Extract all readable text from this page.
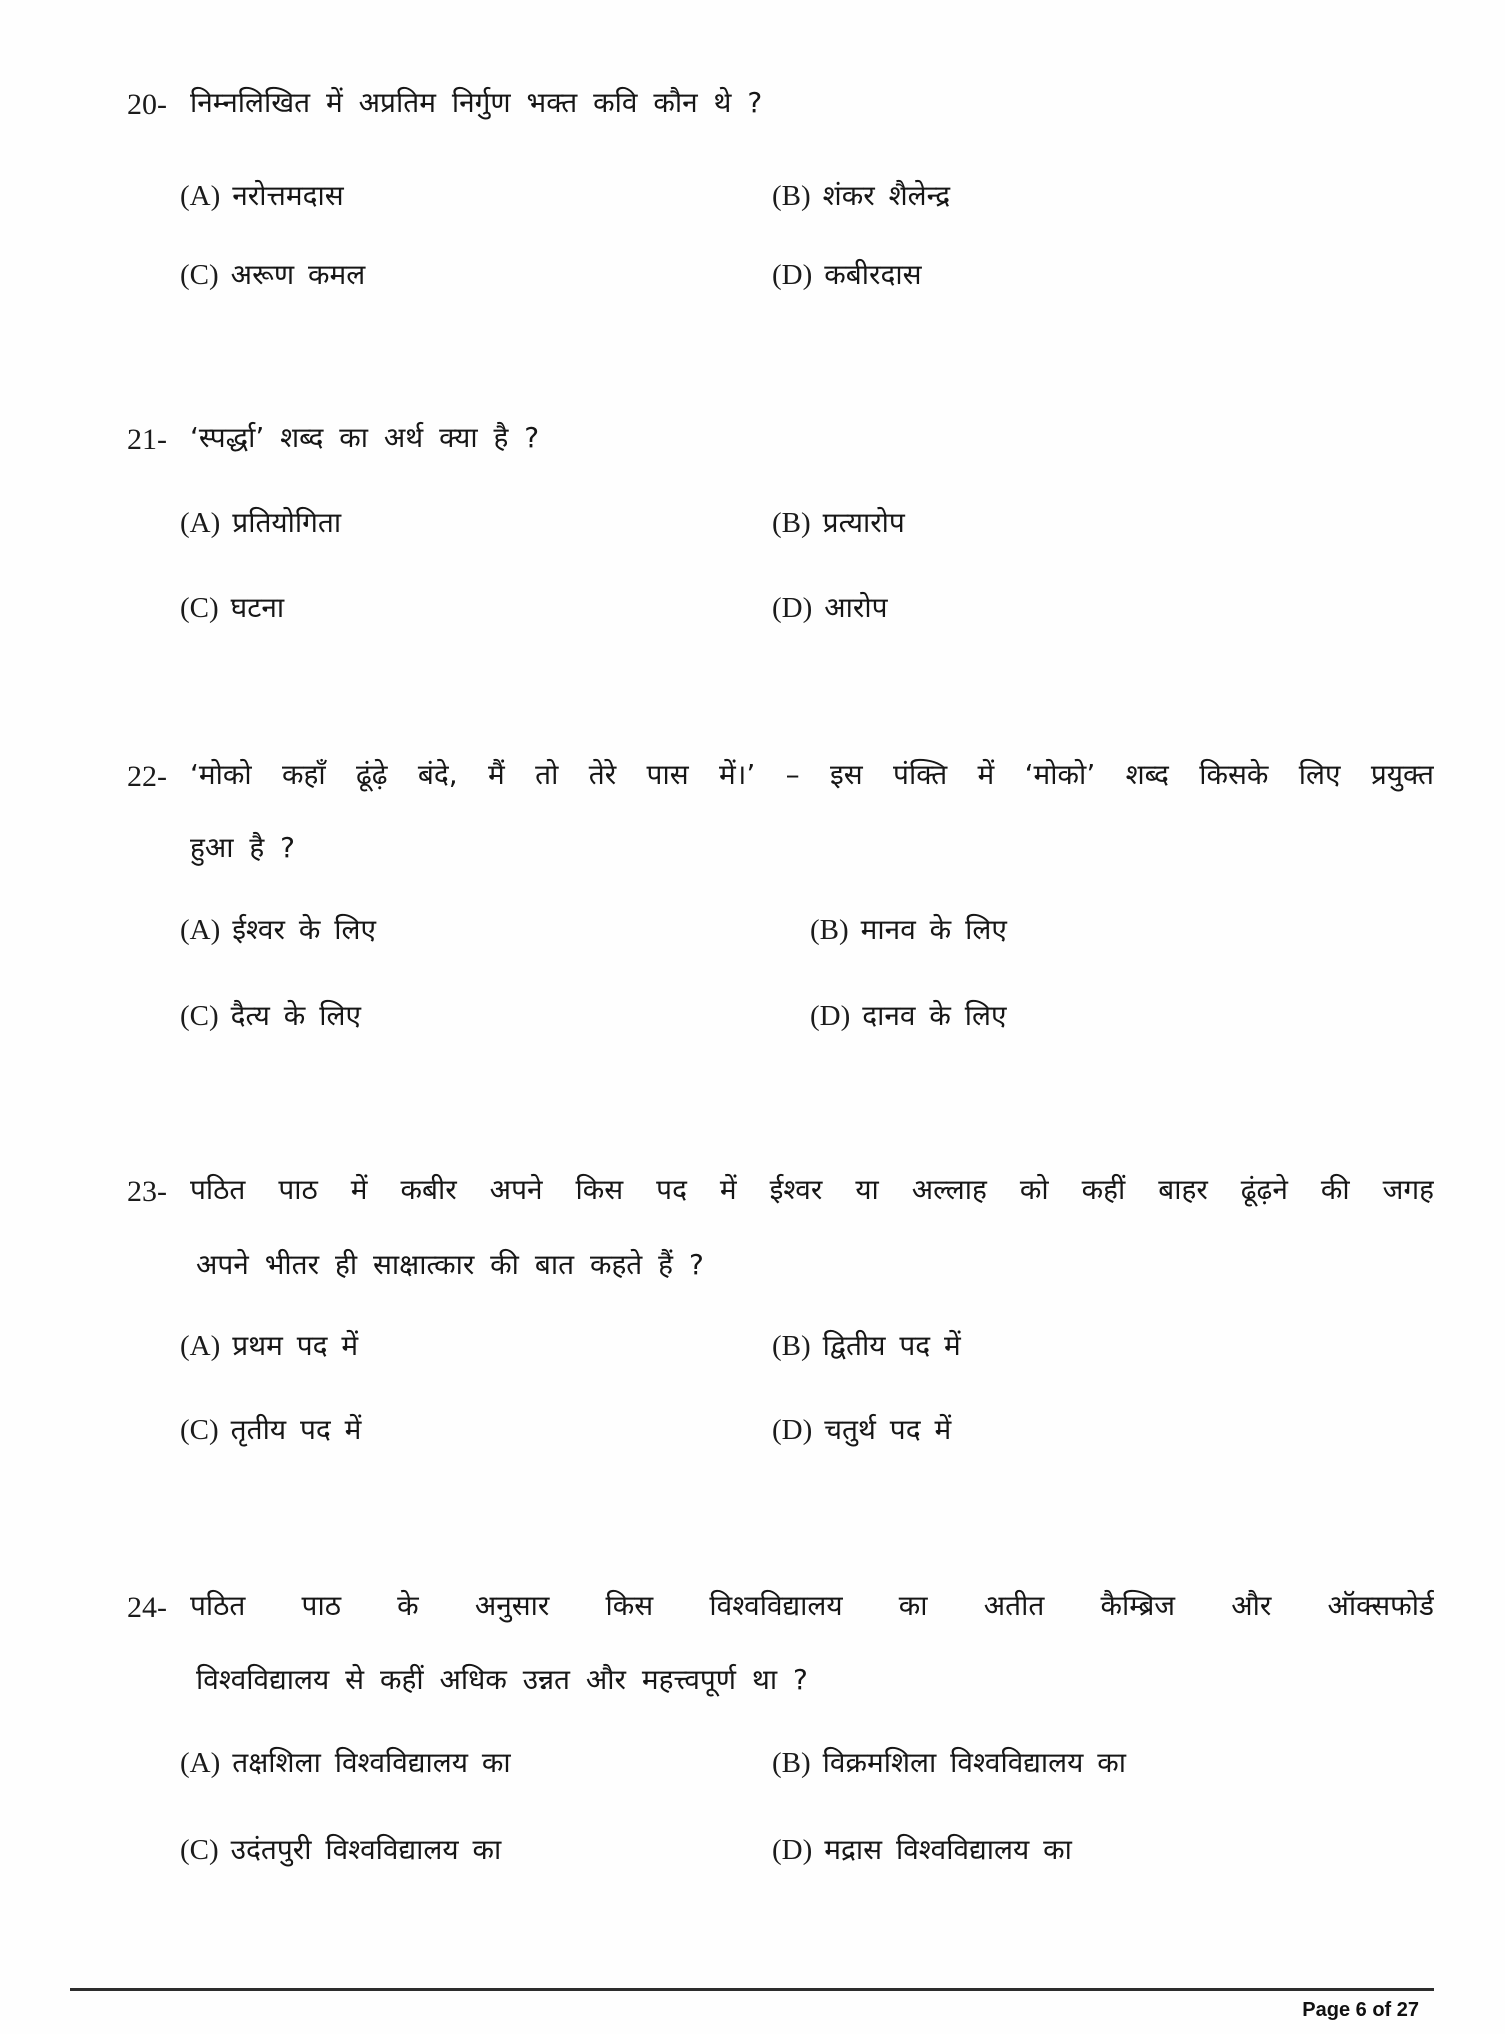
20- निम्नलिखित में अप्रतिम निर्गुण भक्त कवि कौन थे ?
(A) नरोत्तमदास	(B) शंकर शैलेन्द्र
(C) अरूण कमल	(D) कबीरदास
21- ‘स्पर्द्धा’ शब्द का अर्थ क्या है ?
(A) प्रतियोगिता	(B) प्रत्यारोप
(C) घटना	(D) आरोप
22- ‘मोको कहाँ ढूंढ़े बंदे, मैं तो तेरे पास में।’ – इस पंक्ति में ‘मोको’ शब्द किसके लिए प्रयुक्त
हुआ है ?
(A) ईश्वर के लिए	(B) मानव के लिए
(C) दैत्य के लिए	(D) दानव के लिए
23- पठित पाठ में कबीर अपने किस पद में ईश्वर या अल्लाह को कहीं बाहर ढूंढ़ने की जगह
अपने भीतर ही साक्षात्कार की बात कहते हैं ?
(A) प्रथम पद में	(B) द्वितीय पद में
(C) तृतीय पद में	(D) चतुर्थ पद में
24- पठित पाठ के अनुसार किस विश्वविद्यालय का अतीत कैम्ब्रिज और ऑक्सफोर्ड
विश्वविद्यालय से कहीं अधिक उन्नत और महत्त्वपूर्ण था ?
(A) तक्षशिला विश्वविद्यालय का	(B) विक्रमशिला विश्वविद्यालय का
(C) उदंतपुरी विश्वविद्यालय का	(D) मद्रास विश्वविद्यालय का
Page 6 of 27
